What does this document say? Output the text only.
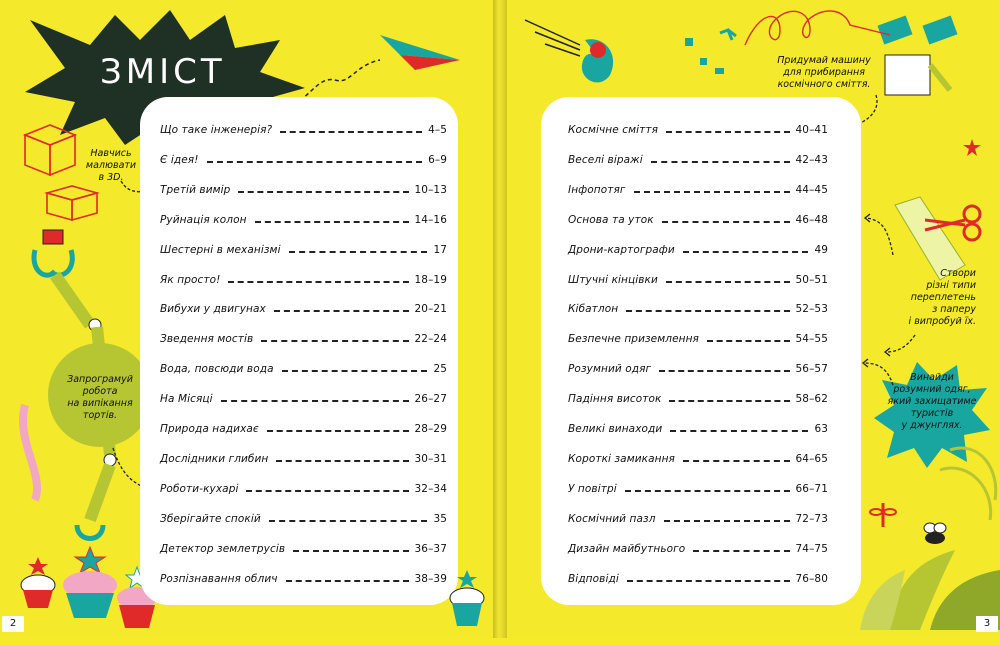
ЗМІСТ
Навчись
малювати
в 3D.
Запрограмуй
робота
на випікання
тортів.
Що таке інженерія?	4–5
Є ідея!	6–9
Третій вимір	10–13
Руйнація колон	14–16
Шестерні в механізмі	17
Як просто!	18–19
Вибухи у двигунах	20–21
Зведення мостів	22–24
Вода, повсюди вода	25
На Місяці	26–27
Природа надихає	28–29
Дослідники глибин	30–31
Роботи-кухарі	32–34
Зберігайте спокій	35
Детектор землетрусів	36–37
Розпізнавання облич	38–39
Придумай машину
для прибирання
космічного сміття.
Створи
різні типи
переплетень
з паперу
і випробуй їх.
Винайди
розумний одяг,
який захищатиме
туристів
у джунглях.
Космічне сміття	40–41
Веселі віражі	42–43
Інфопотяг	44–45
Основа та уток	46–48
Дрони-картографи	49
Штучні кінцівки	50–51
Кібатлон	52–53
Безпечне приземлення	54–55
Розумний одяг	56–57
Падіння висоток	58–62
Великі винаходи	63
Короткі замикання	64–65
У повітрі	66–71
Космічний пазл	72–73
Дизайн майбутнього	74–75
Відповіді	76–80
2	3
